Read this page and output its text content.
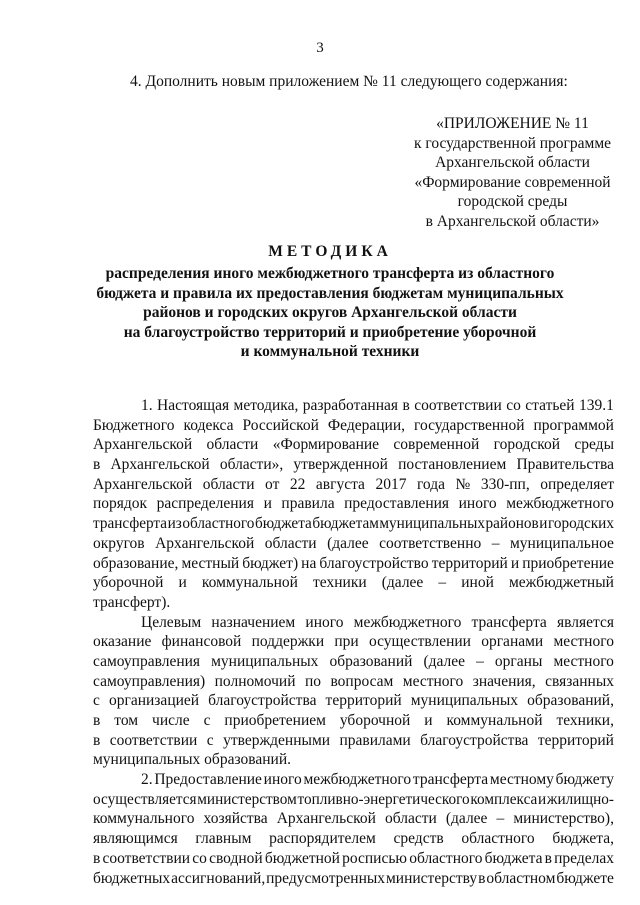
3
4. Дополнить новым приложением № 11 следующего содержания:
«ПРИЛОЖЕНИЕ № 11
к государственной программе
Архангельской области
«Формирование современной
городской среды
в Архангельской области»
МЕТОДИКА
распределения иного межбюджетного трансферта из областного
бюджета и правила их предоставления бюджетам муниципальных
районов и городских округов Архангельской области
на благоустройство территорий и приобретение уборочной
и коммунальной техники
1. Настоящая методика, разработанная в соответствии со статьей 139.1
Бюджетного кодекса Российской Федерации, государственной программой
Архангельской области «Формирование современной городской среды
в Архангельской области», утвержденной постановлением Правительства
Архангельской области от 22 августа 2017 года № 330-пп, определяет
порядок распределения и правила предоставления иного межбюджетного
трансферта из областного бюджета бюджетам муниципальных районов и городских
округов Архангельской области (далее соответственно – муниципальное
образование, местный бюджет) на благоустройство территорий и приобретение
уборочной и коммунальной техники (далее – иной межбюджетный
трансферт).
Целевым назначением иного межбюджетного трансферта является
оказание финансовой поддержки при осуществлении органами местного
самоуправления муниципальных образований (далее – органы местного
самоуправления) полномочий по вопросам местного значения, связанных
с организацией благоустройства территорий муниципальных образований,
в том числе с приобретением уборочной и коммунальной техники,
в соответствии с утвержденными правилами благоустройства территорий
муниципальных образований.
2. Предоставление иного межбюджетного трансферта местному бюджету
осуществляется министерством топливно-энергетического комплекса и жилищно-
коммунального хозяйства Архангельской области (далее – министерство),
являющимся главным распорядителем средств областного бюджета,
в соответствии со сводной бюджетной росписью областного бюджета в пределах
бюджетных ассигнований, предусмотренных министерству в областном бюджете
